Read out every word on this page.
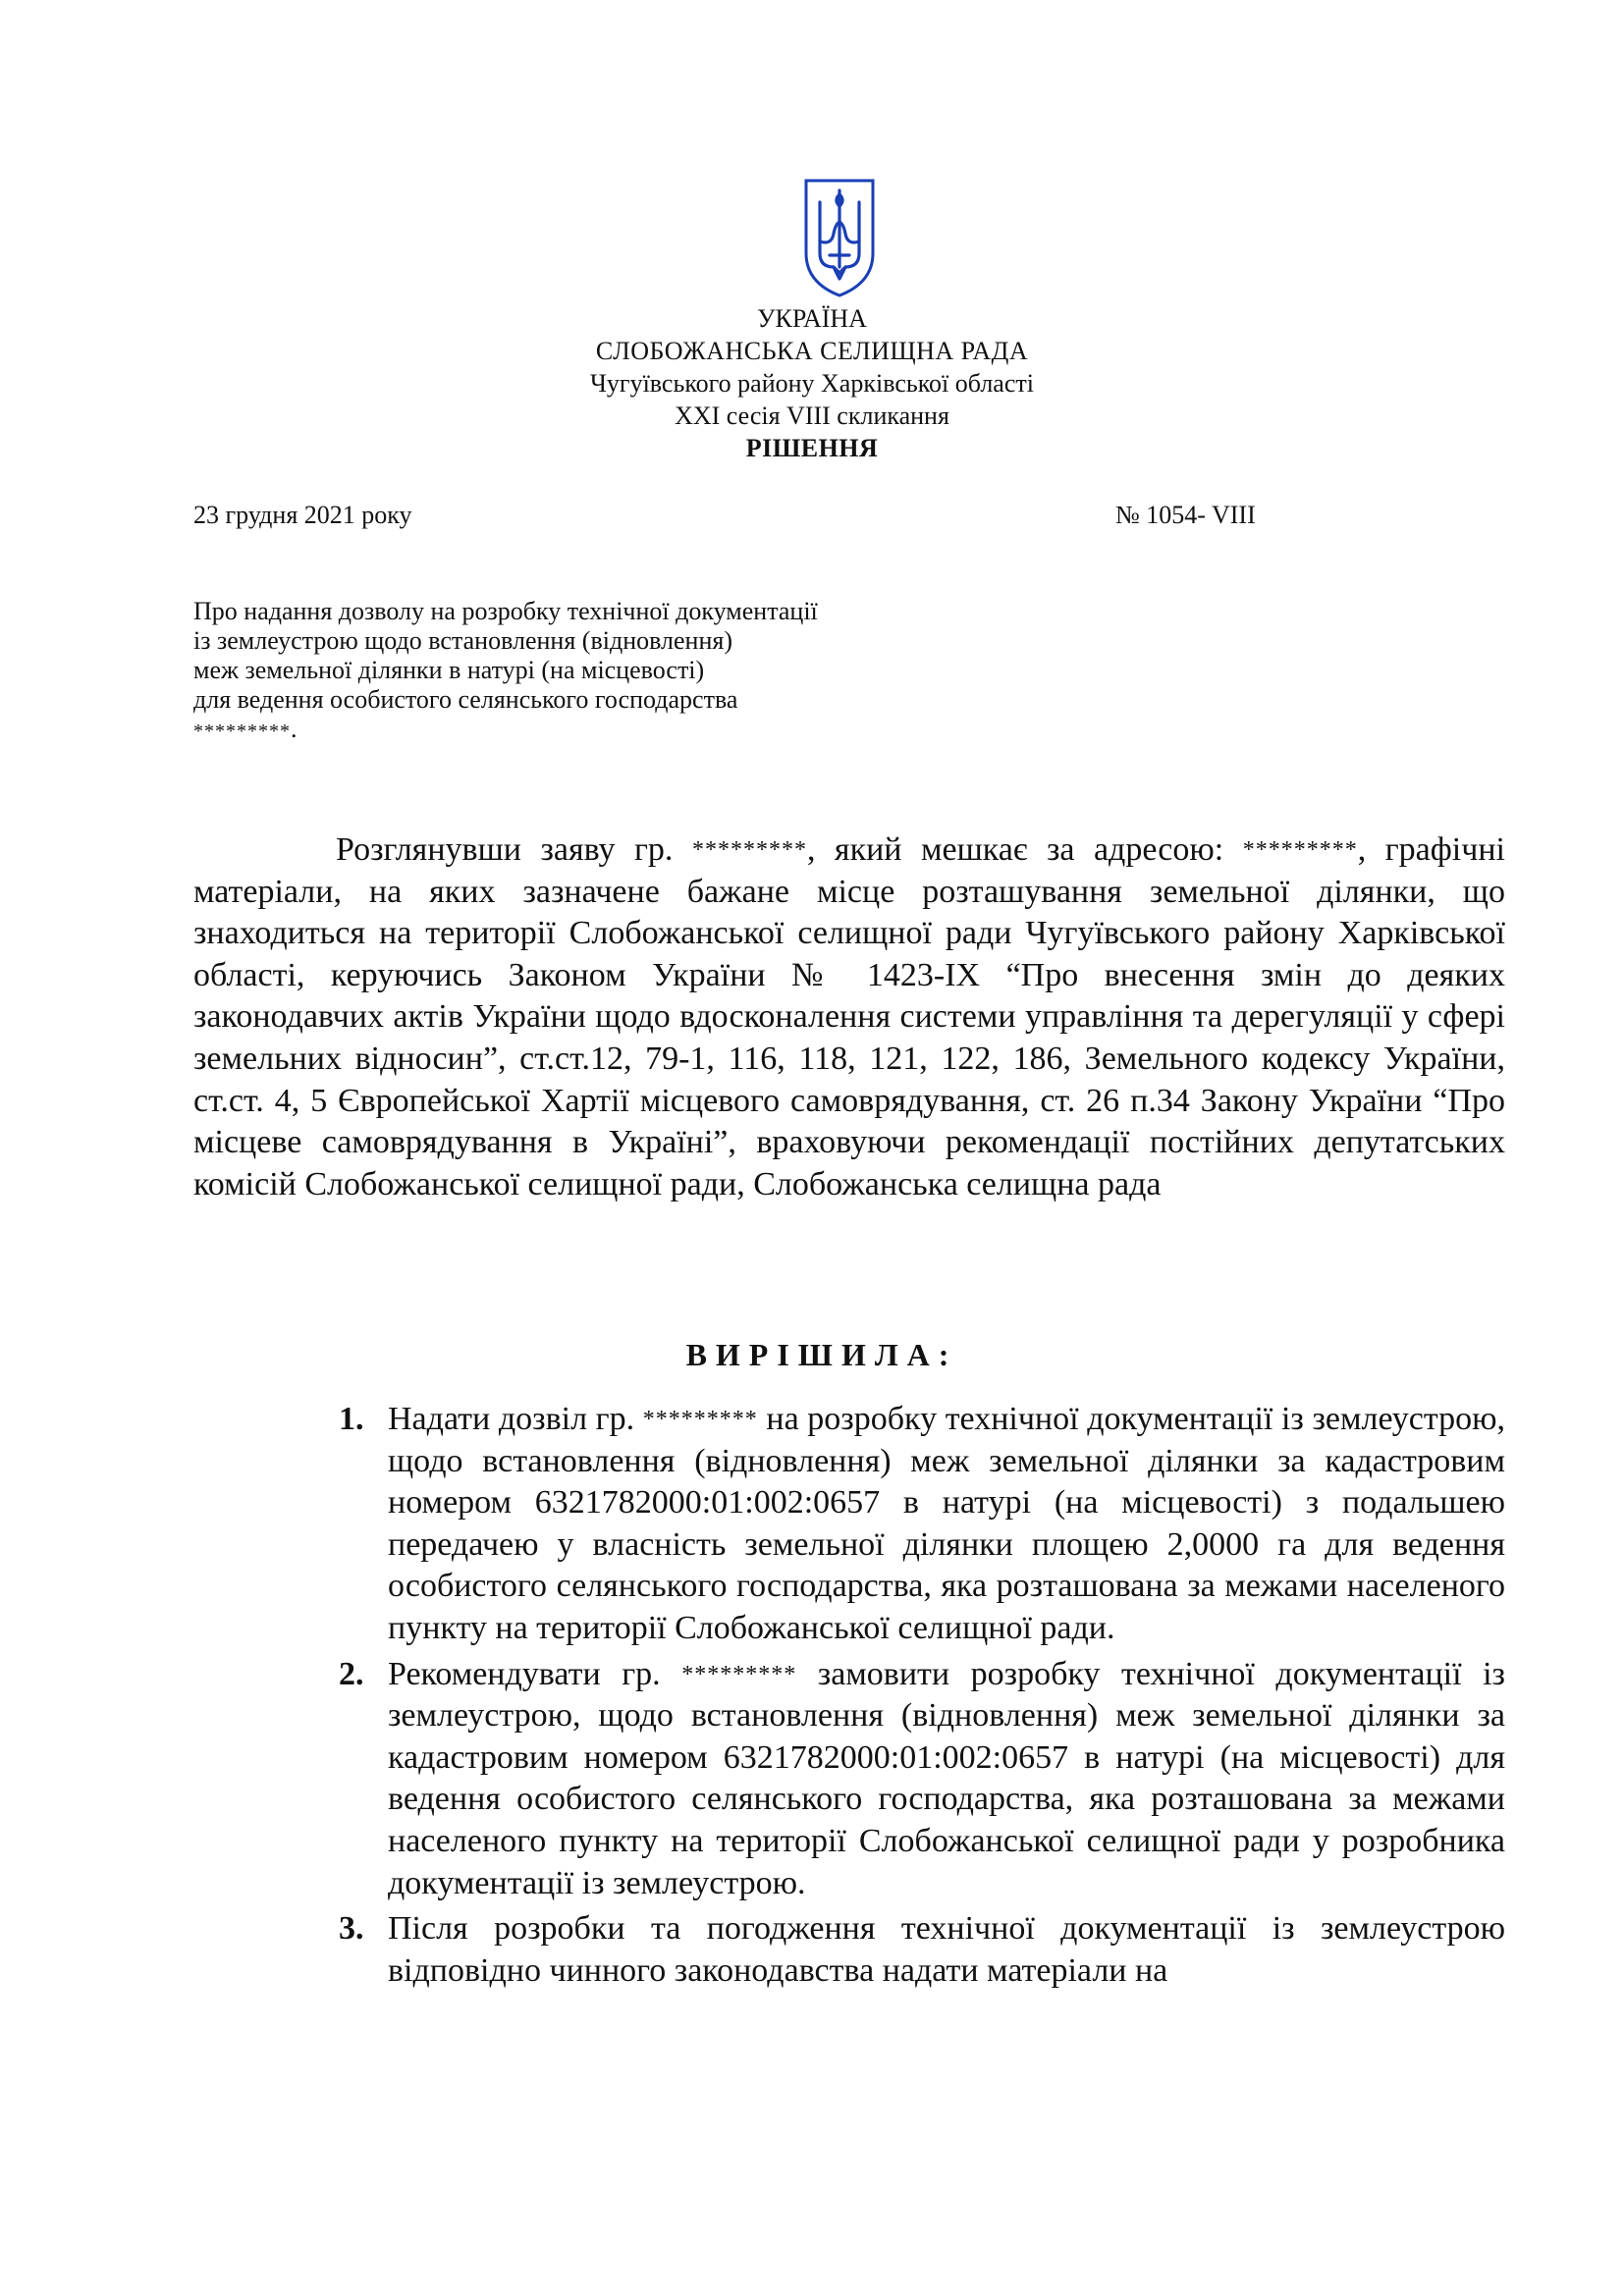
УКРАЇНА
СЛОБОЖАНСЬКА СЕЛИЩНА РАДА
Чугуївського району Харківської області
XXI сесія VIII скликання
РІШЕННЯ
23 грудня 2021 року	№ 1054- VIII
Про надання дозволу на розробку технічної документації
із землеустрою щодо встановлення (відновлення)
меж земельної ділянки в натурі (на місцевості)
для ведення особистого селянського господарства
*********.
Розглянувши заяву гр. *********, який мешкає за адресою: *********, графічні матеріали, на яких зазначене бажане місце розташування земельної ділянки, що знаходиться на території Слобожанської селищної ради Чугуївського району Харківської області, керуючись Законом України № 1423-IX “Про внесення змін до деяких законодавчих актів України щодо вдосконалення системи управління та дерегуляції у сфері земельних відносин”, ст.ст.12, 79-1, 116, 118, 121, 122, 186, Земельного кодексу України, ст.ст. 4, 5 Європейської Хартії місцевого самоврядування, ст. 26 п.34 Закону України “Про місцеве самоврядування в Україні”, враховуючи рекомендації постійних депутатських комісій Слобожанської селищної ради, Слобожанська селищна рада
ВИРІШИЛА:
1. Надати дозвіл гр. ********* на розробку технічної документації із землеустрою, щодо встановлення (відновлення) меж земельної ділянки за кадастровим номером 6321782000:01:002:0657 в натурі (на місцевості) з подальшею передачею у власність земельної ділянки площею 2,0000 га для ведення особистого селянського господарства, яка розташована за межами населеного пункту на території Слобожанської селищної ради.
2. Рекомендувати гр. ********* замовити розробку технічної документації із землеустрою, щодо встановлення (відновлення) меж земельної ділянки за кадастровим номером 6321782000:01:002:0657 в натурі (на місцевості) для ведення особистого селянського господарства, яка розташована за межами населеного пункту на території Слобожанської селищної ради у розробника документації із землеустрою.
3. Після розробки та погодження технічної документації із землеустрою відповідно чинного законодавства надати матеріали на
